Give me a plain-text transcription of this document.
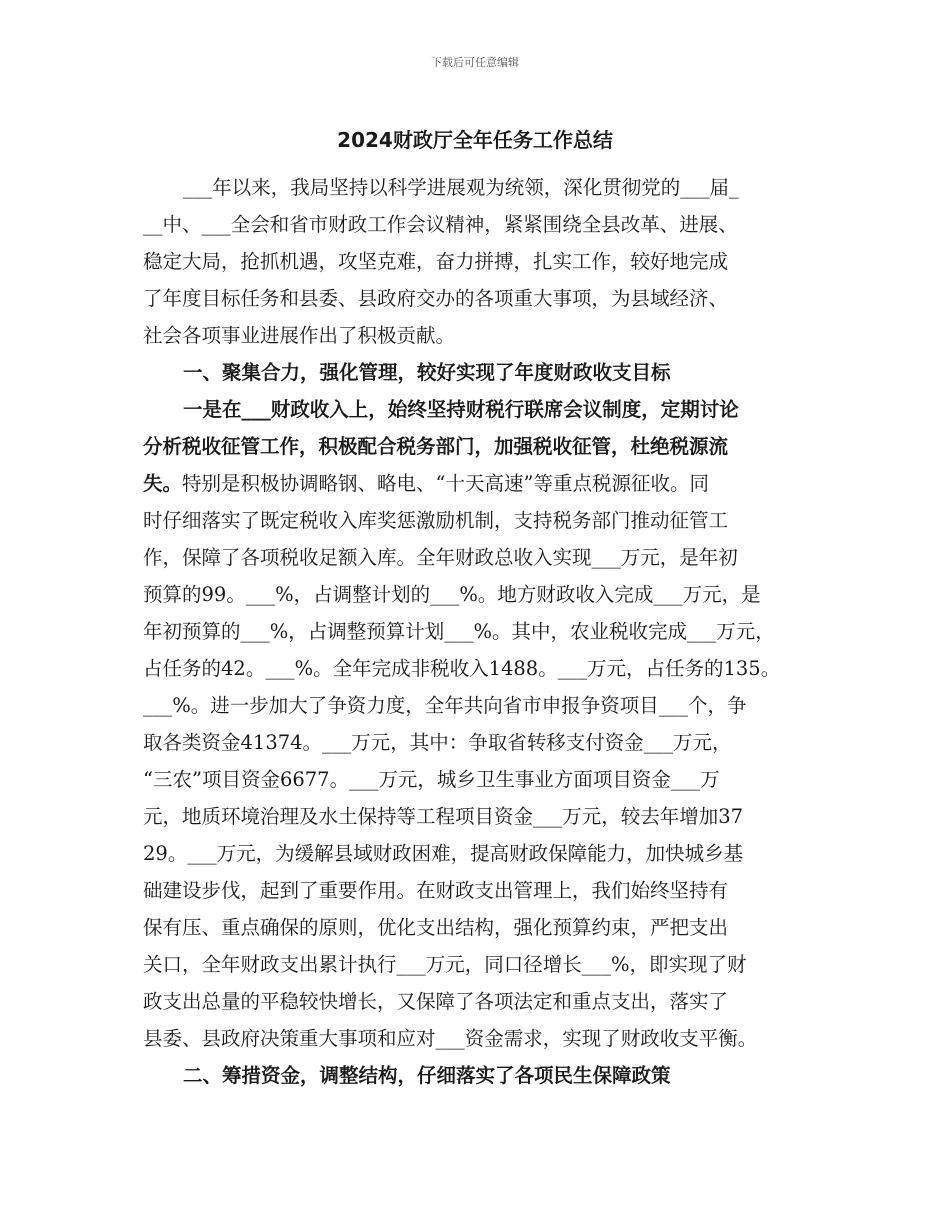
下载后可任意编辑
2024财政厅全年任务工作总结
___年以来，我局坚持以科学进展观为统领，深化贯彻党的___届_
__中、___全会和省市财政工作会议精神，紧紧围绕全县改革、进展、
稳定大局，抢抓机遇，攻坚克难，奋力拼搏，扎实工作，较好地完成
了年度目标任务和县委、县政府交办的各项重大事项，为县域经济、
社会各项事业进展作出了积极贡献。
一、聚集合力，强化管理，较好实现了年度财政收支目标
一是在___财政收入上，始终坚持财税行联席会议制度，定期讨论
分析税收征管工作，积极配合税务部门，加强税收征管，杜绝税源流
失。特别是积极协调略钢、略电、“十天高速”等重点税源征收。同
时仔细落实了既定税收入库奖惩激励机制，支持税务部门推动征管工
作，保障了各项税收足额入库。全年财政总收入实现___万元，是年初
预算的99。___%，占调整计划的___%。地方财政收入完成___万元，是
年初预算的___%，占调整预算计划___%。其中，农业税收完成___万元，
占任务的42。___%。全年完成非税收入1488。___万元，占任务的135。
___%。进一步加大了争资力度，全年共向省市申报争资项目___个，争
取各类资金41374。___万元，其中：争取省转移支付资金___万元，
“三农”项目资金6677。___万元，城乡卫生事业方面项目资金___万
元，地质环境治理及水土保持等工程项目资金___万元，较去年增加37
29。___万元，为缓解县域财政困难，提高财政保障能力，加快城乡基
础建设步伐，起到了重要作用。在财政支出管理上，我们始终坚持有
保有压、重点确保的原则，优化支出结构，强化预算约束，严把支出
关口，全年财政支出累计执行___万元，同口径增长___%，即实现了财
政支出总量的平稳较快增长，又保障了各项法定和重点支出，落实了
县委、县政府决策重大事项和应对___资金需求，实现了财政收支平衡。
二、筹措资金，调整结构，仔细落实了各项民生保障政策
